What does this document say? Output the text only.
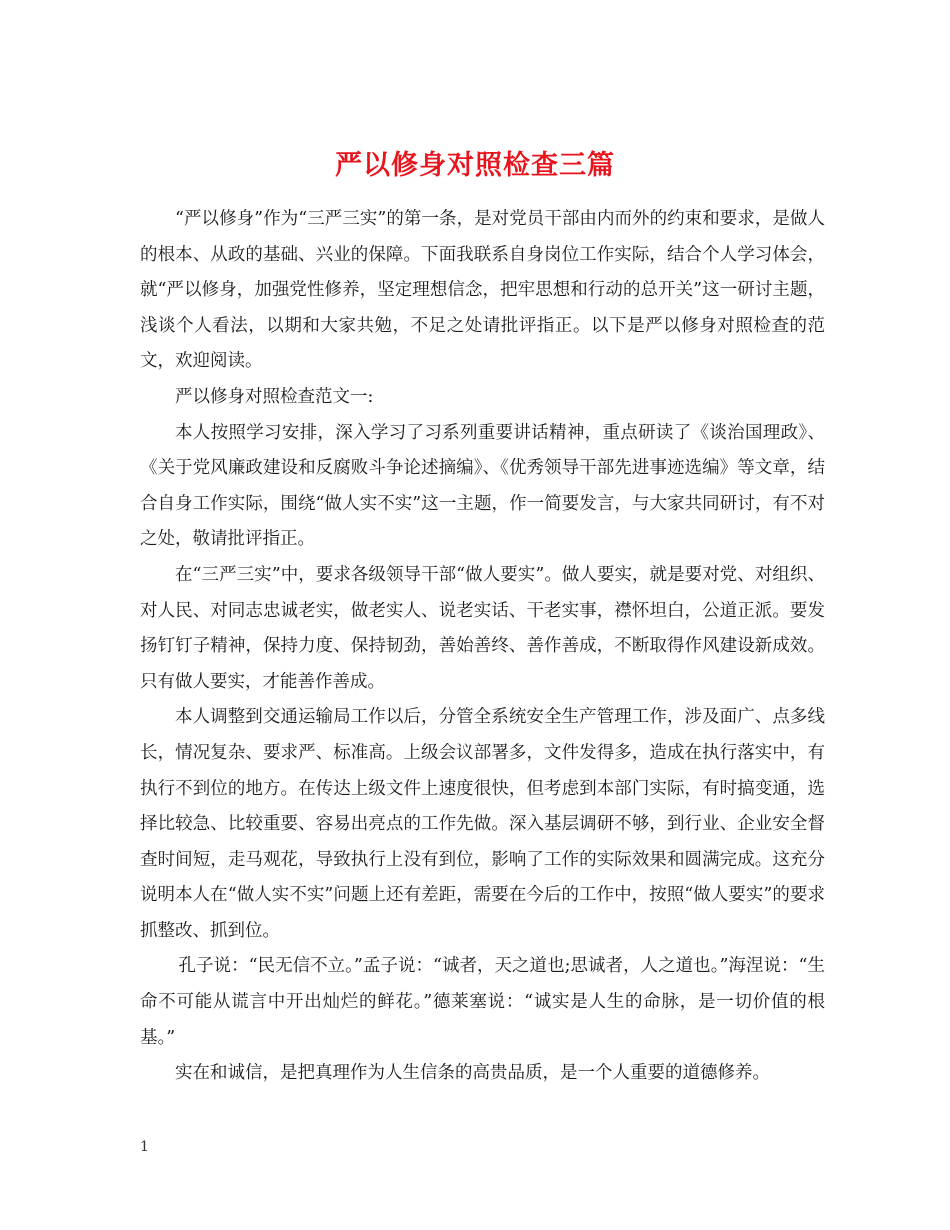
严以修身对照检查三篇

“严以修身”作为“三严三实”的第一条，是对党员干部由内而外的约束和要求，是做人的根本、从政的基础、兴业的保障。下面我联系自身岗位工作实际，结合个人学习体会，就“严以修身，加强党性修养，坚定理想信念，把牢思想和行动的总开关”这一研讨主题，浅谈个人看法，以期和大家共勉，不足之处请批评指正。以下是严以修身对照检查的范文，欢迎阅读。

严以修身对照检查范文一:

本人按照学习安排，深入学习了习系列重要讲话精神，重点研读了《谈治国理政》、《关于党风廉政建设和反腐败斗争论述摘编》、《优秀领导干部先进事迹选编》等文章，结合自身工作实际，围绕“做人实不实”这一主题，作一简要发言，与大家共同研讨，有不对之处，敬请批评指正。

在“三严三实”中，要求各级领导干部“做人要实”。做人要实，就是要对党、对组织、对人民、对同志忠诚老实，做老实人、说老实话、干老实事，襟怀坦白，公道正派。要发扬钉钉子精神，保持力度、保持韧劲，善始善终、善作善成，不断取得作风建设新成效。只有做人要实，才能善作善成。

本人调整到交通运输局工作以后，分管全系统安全生产管理工作，涉及面广、点多线长，情况复杂、要求严、标准高。上级会议部署多，文件发得多，造成在执行落实中，有执行不到位的地方。在传达上级文件上速度很快，但考虑到本部门实际，有时搞变通，选择比较急、比较重要、容易出亮点的工作先做。深入基层调研不够，到行业、企业安全督查时间短，走马观花，导致执行上没有到位，影响了工作的实际效果和圆满完成。这充分说明本人在“做人实不实”问题上还有差距，需要在今后的工作中，按照“做人要实”的要求抓整改、抓到位。

孔子说：“民无信不立。”孟子说：“诚者，天之道也;思诚者，人之道也。”海涅说：“生命不可能从谎言中开出灿烂的鲜花。”德莱塞说：“诚实是人生的命脉，是一切价值的根基。”

实在和诚信，是把真理作为人生信条的高贵品质，是一个人重要的道德修养。

1
